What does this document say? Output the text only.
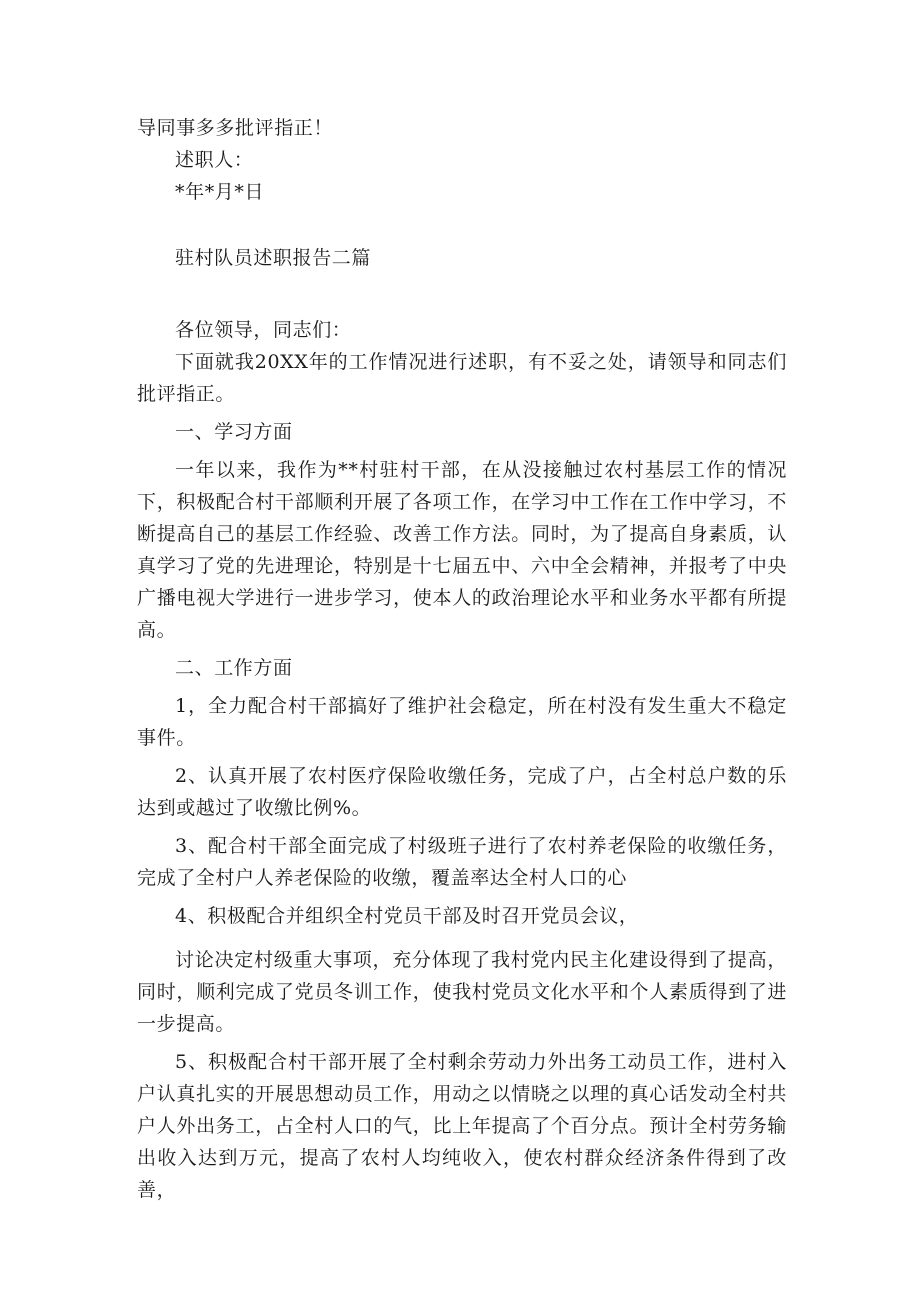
导同事多多批评指正！

述职人：

*年*月*日

驻村队员述职报告二篇

各位领导，同志们：

下面就我20XX年的工作情况进行述职，有不妥之处，请领导和同志们批评指正。

一、学习方面

一年以来，我作为**村驻村干部，在从没接触过农村基层工作的情况下，积极配合村干部顺利开展了各项工作，在学习中工作在工作中学习，不断提高自己的基层工作经验、改善工作方法。同时，为了提高自身素质，认真学习了党的先进理论，特别是十七届五中、六中全会精神，并报考了中央广播电视大学进行一进步学习，使本人的政治理论水平和业务水平都有所提高。

二、工作方面

1，全力配合村干部搞好了维护社会稳定，所在村没有发生重大不稳定事件。

2、认真开展了农村医疗保险收缴任务，完成了户，占全村总户数的乐达到或越过了收缴比例%。

3、配合村干部全面完成了村级班子进行了农村养老保险的收缴任务，完成了全村户人养老保险的收缴，覆盖率达全村人口的心

4、积极配合并组织全村党员干部及时召开党员会议，

讨论决定村级重大事项，充分体现了我村党内民主化建设得到了提高，同时，顺利完成了党员冬训工作，使我村党员文化水平和个人素质得到了进一步提高。

5、积极配合村干部开展了全村剩余劳动力外出务工动员工作，进村入户认真扎实的开展思想动员工作，用动之以情晓之以理的真心话发动全村共户人外出务工，占全村人口的气，比上年提高了个百分点。预计全村劳务输出收入达到万元，提高了农村人均纯收入，使农村群众经济条件得到了改善，
